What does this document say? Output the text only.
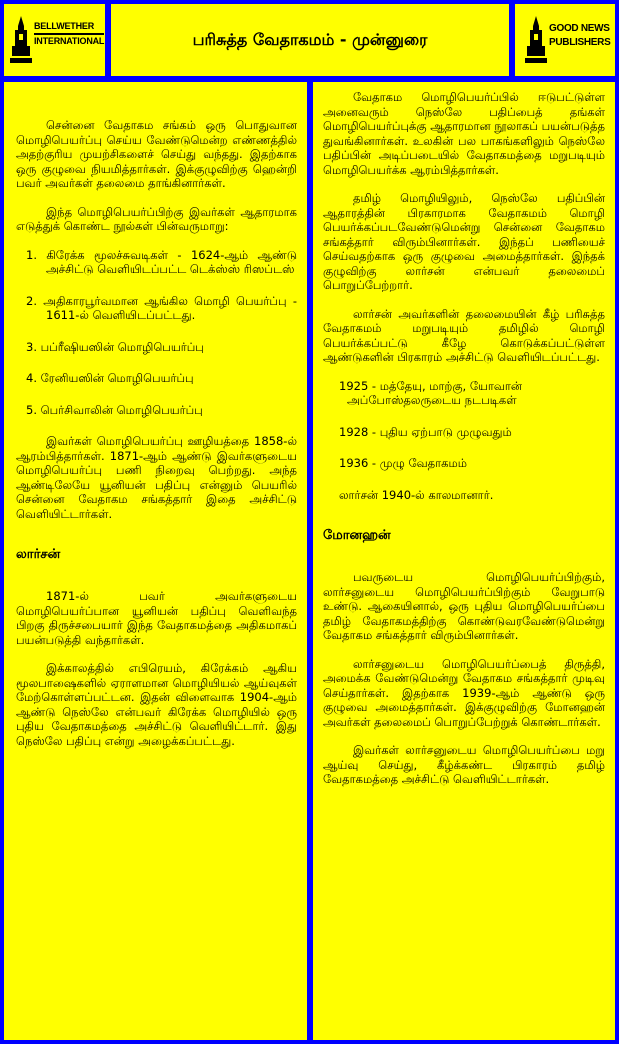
BELLWETHER
INTERNATIONAL	பரிசுத்த வேதாகமம் - முன்னுரை
GOOD NEWS
PUBLISHERS

சென்னை வேதாகம சங்கம் ஒரு பொதுவான மொழிபெயர்ப்பு செய்ய வேண்டுமென்ற எண்ணத்தில் அதற்குரிய முயற்சிகளைச் செய்து வந்தது. இதற்காக ஒரு குழுவை நியமித்தார்கள். இக்குழுவிற்கு ஹென்றி பவர் அவர்கள் தலைமை தாங்கினார்கள்.

இந்த மொழிபெயர்ப்பிற்கு இவர்கள் ஆதாரமாக எடுத்துக் கொண்ட நூல்கள் பின்வருமாறு:

1. கிரேக்க மூலச்சுவடிகள் - 1624-ஆம் ஆண்டு அச்சிட்டு வெளியிடப்பட்ட டெக்ஸ்ஸ் ரிஸப்டஸ்
2. அதிகாரபூர்வமான ஆங்கில மொழி பெயர்ப்பு - 1611-ல் வெளியிடப்பட்டது.
3. பப்ரீஷியஸின் மொழிபெயர்ப்பு
4. ரேனியஸின் மொழிபெயர்ப்பு
5. பெர்சிவாலின் மொழிபெயர்ப்பு

இவர்கள் மொழிபெயர்ப்பு ஊழியத்தை 1858-ல் ஆரம்பித்தார்கள். 1871-ஆம் ஆண்டு இவர்களுடைய மொழிபெயர்ப்பு பணி நிறைவு பெற்றது. அந்த ஆண்டிலேயே யூனியன் பதிப்பு என்னும் பெயரில் சென்னை வேதாகம சங்கத்தார் இதை அச்சிட்டு வெளியிட்டார்கள்.

லார்சன்

1871-ல் பவர் அவர்களுடைய மொழிபெயர்ப்பான யூனியன் பதிப்பு வெளிவந்த பிறகு திருச்சபையார் இந்த வேதாகமத்தை அதிகமாகப் பயன்படுத்தி வந்தார்கள்.

இக்காலத்தில் எபிரெயம், கிரேக்கம் ஆகிய மூலபாஷைகளில் ஏராளமான மொழியியல் ஆய்வுகள் மேற்கொள்ளப்பட்டன. இதன் விளைவாக 1904-ஆம் ஆண்டு நெஸ்லே என்பவர் கிரேக்க மொழியில் ஒரு புதிய வேதாகமத்தை அச்சிட்டு வெளியிட்டார். இது நெஸ்லே பதிப்பு என்று அழைக்கப்பட்டது.

வேதாகம மொழிபெயர்ப்பில் ஈடுபட்டுள்ள அனைவரும் நெஸ்லே பதிப்பைத் தங்கள் மொழிபெயர்ப்புக்கு ஆதாரமான நூலாகப் பயன்படுத்த துவங்கினார்கள். உலகின் பல பாகங்களிலும் நெஸ்லே பதிப்பின் அடிப்படையில் வேதாகமத்தை மறுபடியும் மொழிபெயர்க்க ஆரம்பித்தார்கள்.

தமிழ் மொழியிலும், நெஸ்லே பதிப்பின் ஆதாரத்தின் பிரகாரமாக வேதாகமம் மொழி பெயர்க்கப்படவேண்டுமென்று சென்னை வேதாகம சங்கத்தார் விரும்பினார்கள். இந்தப் பணியைச் செய்வதற்காக ஒரு குழுவை அமைத்தார்கள். இந்தக் குழுவிற்கு லார்சன் என்பவர் தலைமைப் பொறுப்பேற்றார்.

லார்சன் அவர்களின் தலைமையின் கீழ் பரிசுத்த வேதாகமம் மறுபடியும் தமிழில் மொழி பெயர்க்கப்பட்டு கீழே கொடுக்கப்பட்டுள்ள ஆண்டுகளின் பிரகாரம் அச்சிட்டு வெளியிடப்பட்டது.

1925 - மத்தேயு, மாற்கு, யோவான் அப்போஸ்தலருடைய நடபடிகள்
1928 - புதிய ஏற்பாடு முழுவதும்
1936 - முழு வேதாகமம்
லார்சன் 1940-ல் காலமானார்.
மோனஹன்

பவருடைய மொழிபெயர்ப்பிற்கும், லார்சனுடைய மொழிபெயர்ப்பிற்கும் வேறுபாடு உண்டு. ஆகையினால், ஒரு புதிய மொழிபெயர்ப்பை தமிழ் வேதாகமத்திற்கு கொண்டுவரவேண்டுமென்று வேதாகம சங்கத்தார் விரும்பினார்கள்.

லார்சனுடைய மொழிபெயர்ப்பைத் திருத்தி, அமைக்க வேண்டுமென்று வேதாகம சங்கத்தார் முடிவு செய்தார்கள். இதற்காக 1939-ஆம் ஆண்டு ஒரு குழுவை அமைத்தார்கள். இக்குழுவிற்கு மோனஹன் அவர்கள் தலைமைப் பொறுப்பேற்றுக் கொண்டார்கள்.

இவர்கள் லார்சனுடைய மொழிபெயர்ப்பை மறு ஆய்வு செய்து, கீழ்க்கண்ட பிரகாரம் தமிழ் வேதாகமத்தை அச்சிட்டு வெளியிட்டார்கள்.
